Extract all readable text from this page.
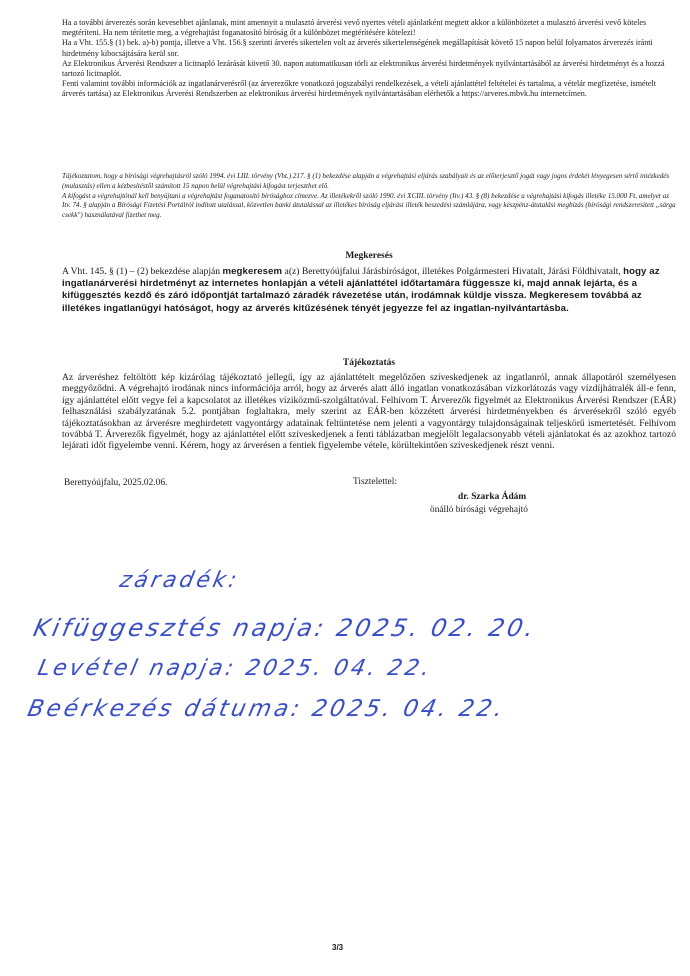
Ha a további árverezés során kevesebbet ajánlanak, mint amennyit a mulasztó árverési vevő nyertes vételi ajánlatként megtett akkor a különbözetet a mulasztó árverési vevő köteles megtéríteni. Ha nem térítette meg, a végrehajtást foganatosító bíróság őt a különbözet megtérítésére kötelezi!

Ha a Vht. 155.§ (1) bek. a)-b) pontja, illetve a Vht. 156.§ szerinti árverés sikertelen volt az árverés sikertelenségének megállapítását követő 15 napon belül folyamatos árverezés iránti hirdetmény kibocsájtására kerül sor.

Az Elektronikus Árverési Rendszer a licitnapló lezárását követő 30. napon automatikusan törli az elektronikus árverési hirdetmények nyilvántartásából az árverési hirdetményt és a hozzá tartozó licitnaplót.

Fenti valamint további információk az ingatlanárverésről (az árverezőkre vonatkozó jogszabályi rendelkezések, a vételi ajánlattétel feltételei és tartalma, a vételár megfizetése, ismételt árverés tartása) az Elektronikus Árverési Rendszerben az elektronikus árverési hirdetmények nyilvántartásában elérhetők a https://arveres.mbvk.hu internetcímen.

Tájékoztatom, hogy a bírósági végrehajtásról szóló 1994. évi LIII. törvény (Vht.) 217. § (1) bekezdése alapján a végrehajtási eljárás szabályait és az előterjesztő jogát vagy jogos érdekét lényegesen sértő intézkedés (mulasztás) ellen a kézbesítéstől számított 15 napon belül végrehajtási kifogást terjeszthet elő.

A kifogást a végrehajtónál kell benyújtani a végrehajtást foganatosító bírósághoz címezve. Az illetékekről szóló 1990. évi XCIII. törvény (Itv.) 43. § (8) bekezdése a végrehajtási kifogás illetéke 15.000 Ft, amelyet az Itv. 74. § alapján a Bírósági Fizetési Portálról indított utalással, közvetlen banki átutalással az illetékes bíróság eljárási illeték beszedési számlájára, vagy készpénz-átutalási megbízás (bírósági rendszeresített „sárga csekk") használatával fizethet meg.

Megkeresés

A Vht. 145. § (1) – (2) bekezdése alapján megkeresem a(z) Berettyóújfalui Járásbíróságot, illetékes Polgármesteri Hivatalt, Járási Földhivatalt, hogy az ingatlanárverési hirdetményt az internetes honlapján a vételi ajánlattétel időtartamára függessze ki, majd annak lejárta, és a kifüggesztés kezdő és záró időpontját tartalmazó záradék rávezetése után, irodámnak küldje vissza. Megkeresem továbbá az illetékes ingatlanügyi hatóságot, hogy az árverés kitűzésének tényét jegyezze fel az ingatlan-nyilvántartásba.

Tájékoztatás

Az árveréshez feltöltött kép kizárólag tájékoztató jellegű, így az ajánlattételt megelőzően szíveskedjenek az ingatlanról, annak állapotáról személyesen meggyőződni. A végrehajtó irodának nincs információja arról, hogy az árverés alatt álló ingatlan vonatkozásában vízkorlátozás vagy vízdíjhátralék áll-e fenn, így ajánlattétel előtt vegye fel a kapcsolatot az illetékes víziközmű-szolgáltatóval. Felhívom T. Árverezők figyelmét az Elektronikus Árverési Rendszer (EÁR) felhasználási szabályzatának 5.2. pontjában foglaltakra, mely szerint az EÁR-ben közzétett árverési hirdetményekben és árverésekről szóló egyéb tájékoztatásokban az árverésre meghirdetett vagyontárgy adatainak feltüntetése nem jelenti a vagyontárgy tulajdonságainak teljeskörű ismertetését. Felhívom továbbá T. Árverezők figyelmét, hogy az ajánlattétel előtt szíveskedjenek a fenti táblázatban megjelölt legalacsonyabb vételi ajánlatokat és az azokhoz tartozó lejárati időt figyelembe venni. Kérem, hogy az árverésen a fentiek figyelembe vétele, körültekintően szíveskedjenek részt venni.

Berettyóújfalu, 2025.02.06.	Tisztelettel:
dr. Szarka Ádám
önálló bírósági végrehajtó
záradék:
Kifüggesztés napja: 2025. 02. 20.
Levétel napja: 2025. 04. 22.
Beérkezés dátuma: 2025. 04. 22.
3/3
